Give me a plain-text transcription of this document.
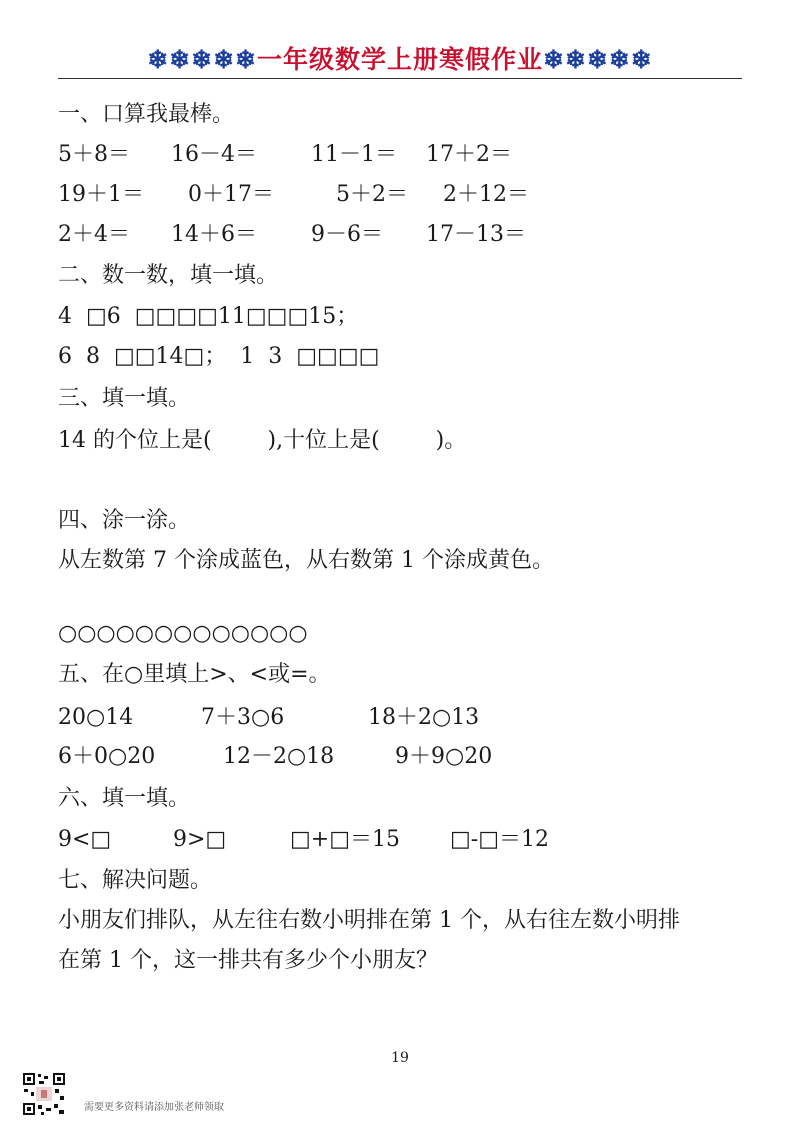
❄❄❄❄❄一年级数学上册寒假作业❄❄❄❄❄
一、口算我最棒。
5＋8＝ 16－4＝ 11－1＝ 17＋2＝
19＋1＝ 0＋17＝	5＋2＝ 2＋12＝
2＋4＝ 14＋6＝ 9－6＝ 17－13＝
二、数一数，填一填。
4  □6  □□□□11□□□15；
6  8  □□14□；  1  3  □□□□
三、填一填。
14 的个位上是(        ),十位上是(        )。
四、涂一涂。
从左数第 7 个涂成蓝色，从右数第 1 个涂成黄色。
○○○○○○○○○○○○○
五、在○里填上>、<或=。
20○14	7＋3○6	18＋2○13
6＋0○20	12－2○18	9＋9○20
六、填一填。
9<□	9>□	□+□＝15 □-□＝12
七、解决问题。
小朋友们排队，从左往右数小明排在第 1 个，从右往左数小明排
在第 1 个，这一排共有多少个小朋友？
19
需要更多资料请添加张老师领取
